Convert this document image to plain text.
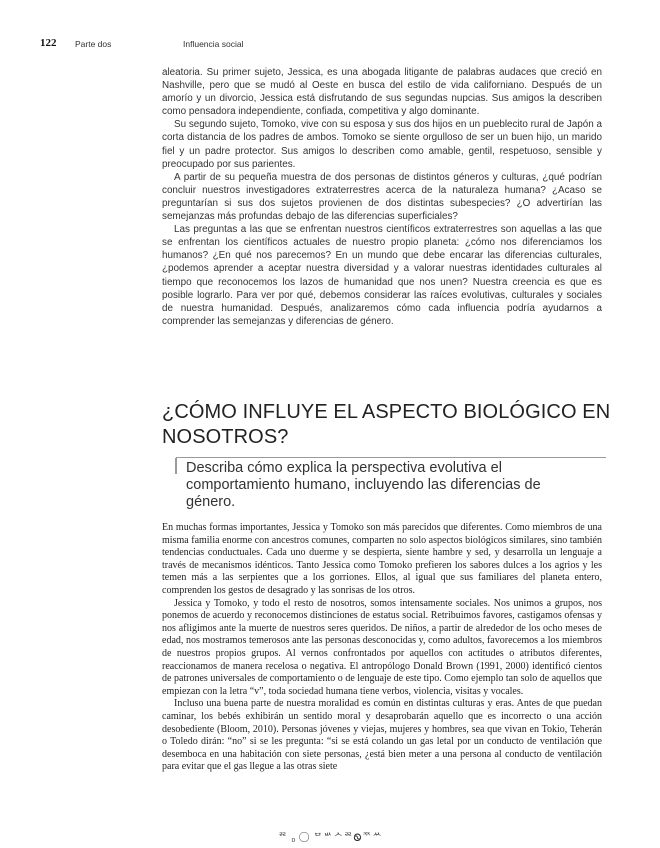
122 Parte dos	Influencia social

aleatoria. Su primer sujeto, Jessica, es una abogada litigante de palabras audaces que creció en Nashville, pero que se mudó al Oeste en busca del estilo de vida californiano. Después de un amorío y un divorcio, Jessica está disfrutando de sus segundas nupcias. Sus amigos la describen como pensadora independiente, confiada, competitiva y algo dominante.

Su segundo sujeto, Tomoko, vive con su esposa y sus dos hijos en un pueblecito rural de Japón a corta distancia de los padres de ambos. Tomoko se siente orgulloso de ser un buen hijo, un marido fiel y un padre protector. Sus amigos lo describen como amable, gentil, respetuoso, sensible y preocupado por sus parientes.

A partir de su pequeña muestra de dos personas de distintos géneros y culturas, ¿qué podrían concluir nuestros investigadores extraterrestres acerca de la naturaleza humana? ¿Acaso se preguntarían si sus dos sujetos provienen de dos distintas subespecies? ¿O advertirían las semejanzas más profundas debajo de las diferencias superficiales?

Las preguntas a las que se enfrentan nuestros científicos extraterrestres son aquellas a las que se enfrentan los científicos actuales de nuestro propio planeta: ¿cómo nos diferenciamos los humanos? ¿En qué nos parecemos? En un mundo que debe encarar las diferencias culturales, ¿podemos aprender a aceptar nuestra diversidad y a valorar nuestras identidades culturales al tiempo que reconocemos los lazos de humanidad que nos unen? Nuestra creencia es que es posible lograrlo. Para ver por qué, debemos considerar las raíces evolutivas, culturales y sociales de nuestra humanidad. Después, analizaremos cómo cada influencia podría ayudarnos a comprender las semejanzas y diferencias de género.

¿CÓMO INFLUYE EL ASPECTO BIOLÓGICO EN NOSOTROS?
Describa cómo explica la perspectiva evolutiva el comportamiento humano, incluyendo las diferencias de género.

En muchas formas importantes, Jessica y Tomoko son más parecidos que diferentes. Como miembros de una misma familia enorme con ancestros comunes, comparten no solo aspectos biológicos similares, sino también tendencias conductuales. Cada uno duerme y se despierta, siente hambre y sed, y desarrolla un lenguaje a través de mecanismos idénticos. Tanto Jessica como Tomoko prefieren los sabores dulces a los agrios y les temen más a las serpientes que a los gorriones. Ellos, al igual que sus familiares del planeta entero, comprenden los gestos de desagrado y las sonrisas de los otros.

Jessica y Tomoko, y todo el resto de nosotros, somos intensamente sociales. Nos unimos a grupos, nos ponemos de acuerdo y reconocemos distinciones de estatus social. Retribuimos favores, castigamos ofensas y nos afligimos ante la muerte de nuestros seres queridos. De niños, a partir de alrededor de los ocho meses de edad, nos mostramos temerosos ante las personas desconocidas y, como adultos, favorecemos a los miembros de nuestros propios grupos. Al vernos confrontados por aquellos con actitudes o atributos diferentes, reaccionamos de manera recelosa o negativa. El antropólogo Donald Brown (1991, 2000) identificó cientos de patrones universales de comportamiento o de lenguaje de este tipo. Como ejemplo tan solo de aquellos que empiezan con la letra “v”, toda sociedad humana tiene verbos, violencia, visitas y vocales.

Incluso una buena parte de nuestra moralidad es común en distintas culturas y eras. Antes de que puedan caminar, los bebés exhibirán un sentido moral y desaprobarán aquello que es incorrecto o una acción desobediente (Bloom, 2010). Personas jóvenes y viejas, mujeres y hombres, sea que vivan en Tokio, Teherán o Toledo dirán: “no” si se les pregunta: “si se está colando un gas letal por un conducto de ventilación que desemboca en una habitación con siete personas, ¿está bien meter a una persona al conducto de ventilación para evitar que el gas llegue a las otras siete

ᄙ ₀ ◯ ᄆᄡᄉᄙᏫᅑᄊ
